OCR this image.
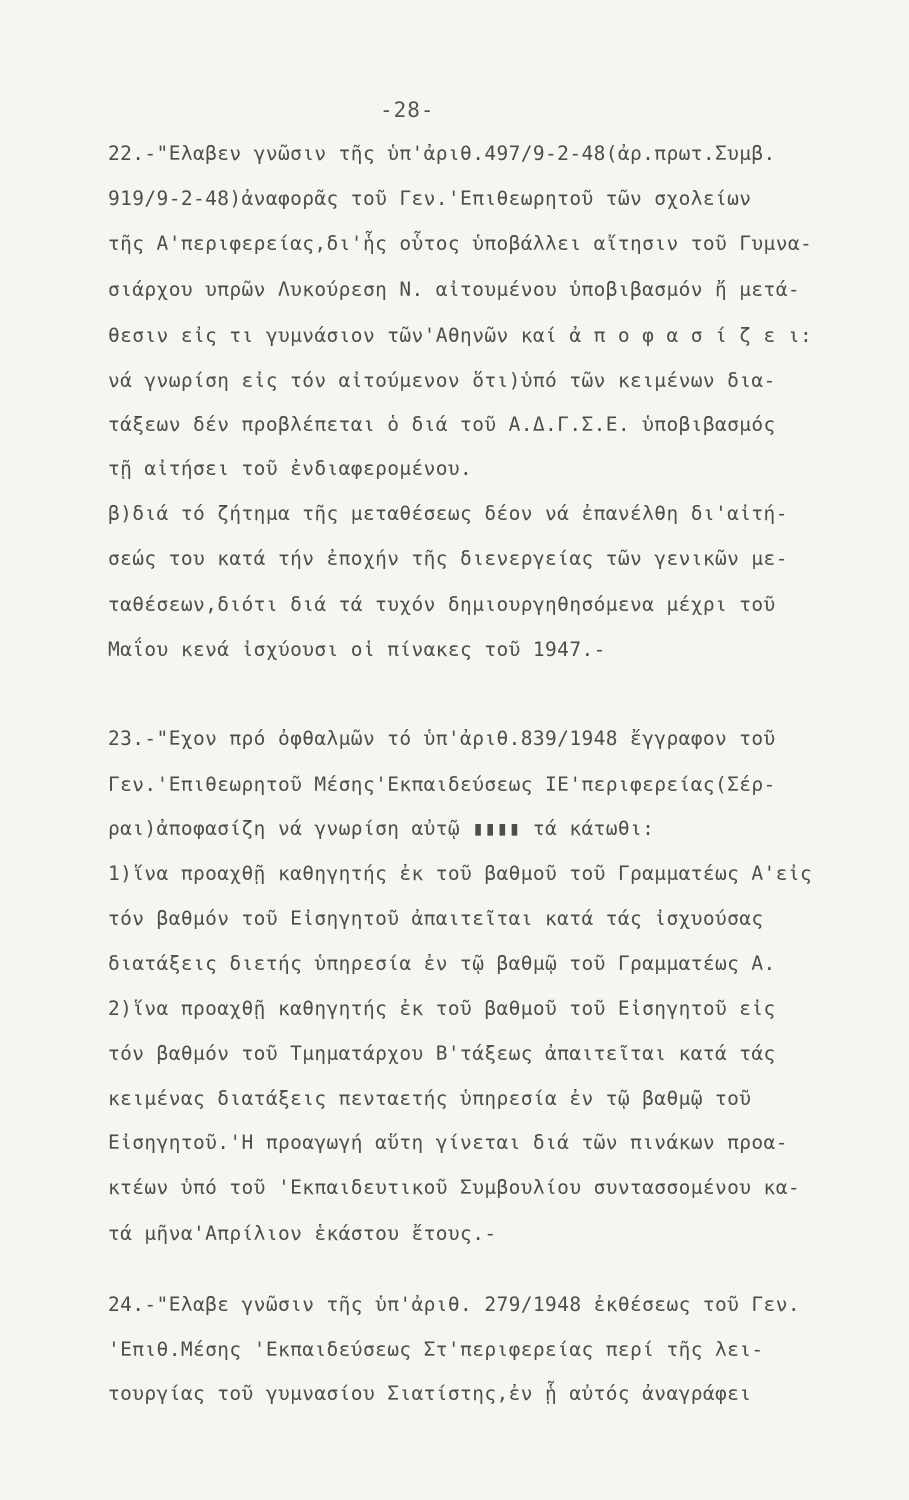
-28-
22.-"Ελαβεν γνῶσιν τῆς ὑπ'ἀριθ.497/9-2-48(ἀρ.πρωτ.Συμβ.
919/9-2-48)ἀναφορᾶς τοῦ Γεν.'Επιθεωρητοῦ τῶν σχολείων
τῆς Α'περιφερείας,δι'ἧς οὗτος ὑποβάλλει αἴτησιν τοῦ Γυμνα-
σιάρχου υπρῶν Λυκούρεση Ν. αἰτουμένου ὑποβιβασμόν ἤ μετά-
θεσιν εἰς τι γυμνάσιον τῶν'Αθηνῶν καί ἀ π ο φ α σ ί ζ ε ι:
νά γνωρίση εἰς τόν αἰτούμενον ὅτι)ὑπό τῶν κειμένων δια-
τάξεων δέν προβλέπεται ὁ διά τοῦ Α.Δ.Γ.Σ.Ε. ὑποβιβασμός
τῇ αἰτήσει τοῦ ἐνδιαφερομένου.
β)διά τό ζήτημα τῆς μεταθέσεως δέον νά ἐπανέλθη δι'αἰτή-
σεώς του κατά τήν ἐποχήν τῆς διενεργείας τῶν γενικῶν με-
ταθέσεων,διότι διά τά τυχόν δημιουργηθησόμενα μέχρι τοῦ
Μαΐου κενά ἰσχύουσι οἱ πίνακες τοῦ 1947.-
23.-"Εχον πρό ὀφθαλμῶν τό ὑπ'ἀριθ.839/1948 ἔγγραφον τοῦ
Γεν.'Επιθεωρητοῦ Μέσης'Εκπαιδεύσεως ΙΕ'περιφερείας(Σέρ-
ραι)ἀποφασίζη νά γνωρίση αὐτῷ ▮▮▮▮ τά κάτωθι:
1)ἵνα προαχθῇ καθηγητής ἐκ τοῦ βαθμοῦ τοῦ Γραμματέως Α'εἰς
τόν βαθμόν τοῦ Εἰσηγητοῦ ἀπαιτεῖται κατά τάς ἰσχυούσας
διατάξεις διετής ὑπηρεσία ἐν τῷ βαθμῷ τοῦ Γραμματέως Α.
2)ἵνα προαχθῇ καθηγητής ἐκ τοῦ βαθμοῦ τοῦ Εἰσηγητοῦ εἰς
τόν βαθμόν τοῦ Τμηματάρχου Β'τάξεως ἀπαιτεῖται κατά τάς
κειμένας διατάξεις πενταετής ὑπηρεσία ἐν τῷ βαθμῷ τοῦ
Εἰσηγητοῦ.'Η προαγωγή αὕτη γίνεται διά τῶν πινάκων προα-
κτέων ὑπό τοῦ 'Εκπαιδευτικοῦ Συμβουλίου συντασσομένου κα-
τά μῆνα'Απρίλιον ἑκάστου ἔτους.-
24.-"Ελαβε γνῶσιν τῆς ὑπ'ἀριθ. 279/1948 ἐκθέσεως τοῦ Γεν.
'Επιθ.Μέσης 'Εκπαιδεύσεως Στ'περιφερείας περί τῆς λει-
τουργίας τοῦ γυμνασίου Σιατίστης,ἐν ᾗ αὐτός ἀναγράφει
